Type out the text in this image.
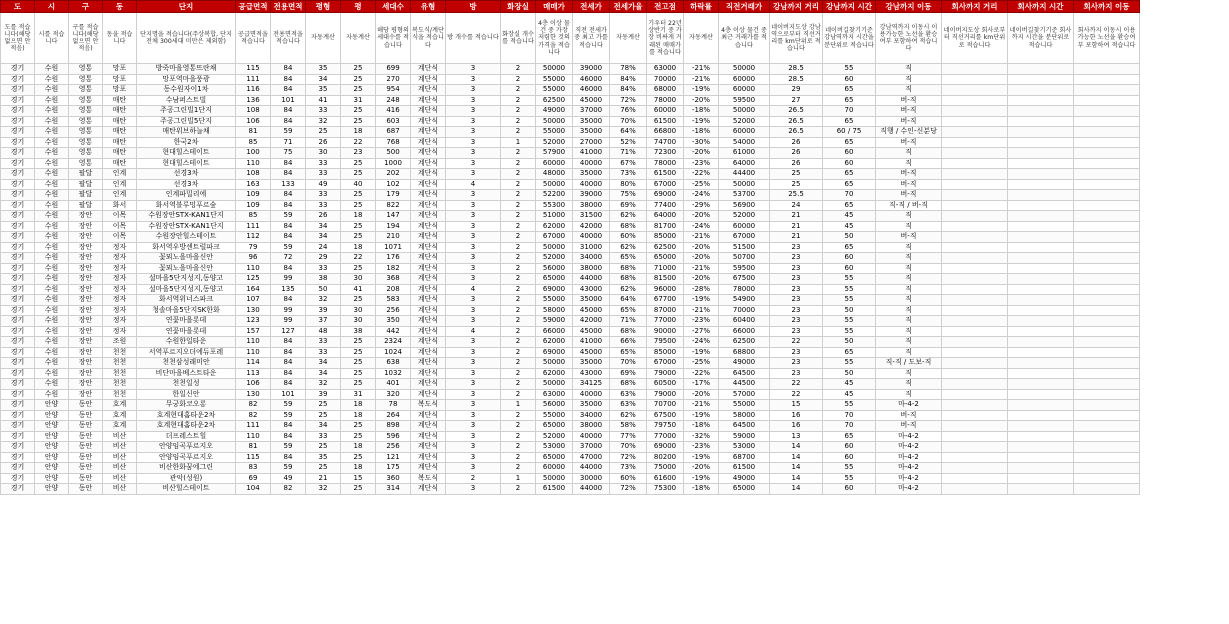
도	시	구	동	단지	공급면적	전용면적	평형	평	세대수	유형	방	화장실	매매가	전세가	전세가율	전고점	하락률	직전거래가	강남까지 거리	강남까지 시간	강남까지 이동	회사까지 거리	회사까지 시간	회사까지 이동
도를 적습니다(해당없으면 안적음)	시를 적습니다	구를 적습니다(해당없으면 안적음)	동을 적습니다	단지명을 적습니다(주상복합, 단지 전체 300세대 미만은 제외함)	공급면적을 적습니다	전용면적을 적습니다	자동계산	자동계산	해당 평형의 세대수를 적습니다	복도식/계단식을 적습니다	방 개수를 적습니다	화장실 개수를 적습니다	4층 이상 물건 중 가장 저렴한 것의 가격을 적습니다	직전 전세가 중 최고 가를 적습니다	자동계산	기우터 22년 상반기 중 가장 비싸게 거래된 매매가를 적습니다	자동계산	4층 이상 물건 중 최근 거래가를 적습니다	네이버지도상 강남역으로부터 직선거리를 km단위로 적습니다	네이버길찾기기준 강남역까지 시간을 분단위로 적습니다	강남역까지 이동시 이용가능한 노선을 환승여부 포함하여 적습니다	네이버지도상 회사로부터 직선거리를 km단위로 적습니다	네이버길찾기기준 회사까지 시간을 분단위로 적습니다	회사까지 이동시 이용가능한 노선을 환승여부 포함하여 적습니다
경기	수원	영통	망포	방죽마을영통뜨란채	115	84	35	25	699	계단식	3	2	50000	39000	78%	63000	-21%	50000	28.5	55	직			
경기	수원	영통	망포	망포역마을풍광	111	84	34	25	270	계단식	3	2	55000	46000	84%	70000	-21%	60000	28.5	60	직			
경기	수원	영통	망포	동수원자이1차	116	84	35	25	954	계단식	3	2	55000	46000	84%	68000	-19%	60000	29	65	직			
경기	수원	영통	매탄	수남퍼스트빌	136	101	41	31	248	계단식	3	2	62500	45000	72%	78000	-20%	59500	27	65	버-직			
경기	수원	영통	매탄	주공그린빌1단지	108	84	33	25	416	계단식	3	2	49000	37000	76%	60000	-18%	50000	26.5	70	버-직			
경기	수원	영통	매탄	주공그린빌5단지	106	84	32	25	603	계단식	3	2	50000	35000	70%	61500	-19%	52000	26.5	65	버-직			
경기	수원	영통	매탄	매탄위브하늘채	81	59	25	18	687	계단식	3	2	55000	35000	64%	66800	-18%	60000	26.5	60 / 75	직행 / 수인-신분당			
경기	수원	영통	매탄	한국2차	85	71	26	22	768	계단식	3	1	52000	27000	52%	74700	-30%	54000	26	65	버-직			
경기	수원	영통	매탄	현대힐스테이트	100	75	30	23	500	계단식	3	2	57900	41000	71%	72300	-20%	61000	26	60	직			
경기	수원	영통	매탄	현대힐스테이트	110	84	33	25	1000	계단식	3	2	60000	40000	67%	78000	-23%	64000	26	60	직			
경기	수원	팔달	인계	선경3차	108	84	33	25	202	계단식	3	2	48000	35000	73%	61500	-22%	44400	25	65	버-직			
경기	수원	팔달	인계	선경3차	163	133	49	40	102	계단식	4	2	50000	40000	80%	67000	-25%	50000	25	65	버-직			
경기	수원	팔달	인계	인계파밀리에	109	84	33	25	179	계단식	3	2	52200	39000	75%	69000	-24%	53700	25.5	70	버-직			
경기	수원	팔달	화서	화서역블루밍푸르숲	109	84	33	25	822	계단식	3	2	55300	38000	69%	77400	-29%	56900	24	65	직-직 / 버-직			
경기	수원	장안	이목	수원장안STX-KAN1단지	85	59	26	18	147	계단식	3	2	51000	31500	62%	64000	-20%	52000	21	45	직			
경기	수원	장안	이목	수원장안STX-KAN1단지	111	84	34	25	194	계단식	3	2	62000	42000	68%	81700	-24%	60000	21	45	직			
경기	수원	장안	이목	수원장안힐스테이트	112	84	34	25	210	계단식	3	2	67000	40000	60%	85000	-21%	67000	21	50	버-직			
경기	수원	장안	정자	화서역우방센트럴파크	79	59	24	18	1071	계단식	3	2	50000	31000	62%	62500	-20%	51500	23	65	직			
경기	수원	장안	정자	꽃뫼노을마을신안	96	72	29	22	176	계단식	3	2	52000	34000	65%	65000	-20%	50700	23	60	직			
경기	수원	장안	정자	꽃뫼노을마을신안	110	84	33	25	182	계단식	3	2	56000	38000	68%	71000	-21%	59500	23	60	직			
경기	수원	장안	정자	설마을5단지성지,동양고	125	99	38	30	368	계단식	3	2	65000	44000	68%	81500	-20%	67500	23	55	직			
경기	수원	장안	정자	설마을5단지성지,동양고	164	135	50	41	208	계단식	4	2	69000	43000	62%	96000	-28%	78000	23	55	직			
경기	수원	장안	정자	화서역위너스파크	107	84	32	25	583	계단식	3	2	55000	35000	64%	67700	-19%	54900	23	55	직			
경기	수원	장안	정자	청솔마을5단지SK한화	130	99	39	30	256	계단식	3	2	58000	45000	65%	87000	-21%	70000	23	50	직			
경기	수원	장안	정자	연꽃마을롯데	123	99	37	30	350	계단식	3	2	59000	42000	71%	77000	-23%	60400	23	55	직			
경기	수원	장안	정자	연꽃마을롯데	157	127	48	38	442	계단식	4	2	66000	45000	68%	90000	-27%	66000	23	55	직			
경기	수원	장안	조원	수원한일타운	110	84	33	25	2324	계단식	3	2	62000	41000	66%	79500	-24%	62500	22	50	직			
경기	수원	장안	천천	서역푸르지오더에듀포레	110	84	33	25	1024	계단식	3	2	69000	45000	65%	85000	-19%	68800	23	65	직			
경기	수원	장안	천천	천천삼성래미안	114	84	34	25	638	계단식	3	2	50000	35000	70%	67000	-25%	49000	23	55	직-직 / 도보-직			
경기	수원	장안	천천	비단마을베스트타운	113	84	34	25	1032	계단식	3	2	62000	43000	69%	79000	-22%	64500	23	50	직			
경기	수원	장안	천천	천천일성	106	84	32	25	401	계단식	3	2	50000	34125	68%	60500	-17%	44500	22	45	직			
경기	수원	장안	천천	한일신안	130	101	39	31	320	계단식	3	2	63000	40000	63%	79000	-20%	57000	22	45	직			
경기	안양	동안	호계	무궁화코오롱	82	59	25	18	78	복도식	3	1	56000	35000	63%	70700	-21%	55000	15	55	마-4-2			
경기	안양	동안	호계	호계현대홈타운2차	82	59	25	18	264	계단식	3	2	55000	34000	62%	67500	-19%	58000	16	70	버-직			
경기	안양	동안	호계	호계현대홈타운2차	111	84	34	25	898	계단식	3	2	65000	38000	58%	79750	-18%	64500	16	70	버-직			
경기	안양	동안	비산	더프레스트힐	110	84	33	25	596	계단식	3	2	52000	40000	77%	77000	-32%	59000	13	65	마-4-2			
경기	안양	동안	비산	안양임곡푸르지오	81	59	25	18	256	계단식	3	2	53000	37000	70%	69000	-23%	53000	14	60	마-4-2			
경기	안양	동안	비산	안양임곡푸르지오	115	84	35	25	121	계단식	3	2	65000	47000	72%	80200	-19%	68700	14	60	마-4-2			
경기	안양	동안	비산	비산한화꿈에그린	83	59	25	18	175	계단식	3	2	60000	44000	73%	75000	-20%	61500	14	55	마-4-2			
경기	안양	동안	비산	관악(성원)	69	49	21	15	360	복도식	2	1	50000	30000	60%	61600	-19%	49000	14	55	마-4-2			
경기	안양	동안	비산	비산힐스테이트	104	82	32	25	314	계단식	3	2	61500	44000	72%	75300	-18%	65000	14	60	마-4-2			
